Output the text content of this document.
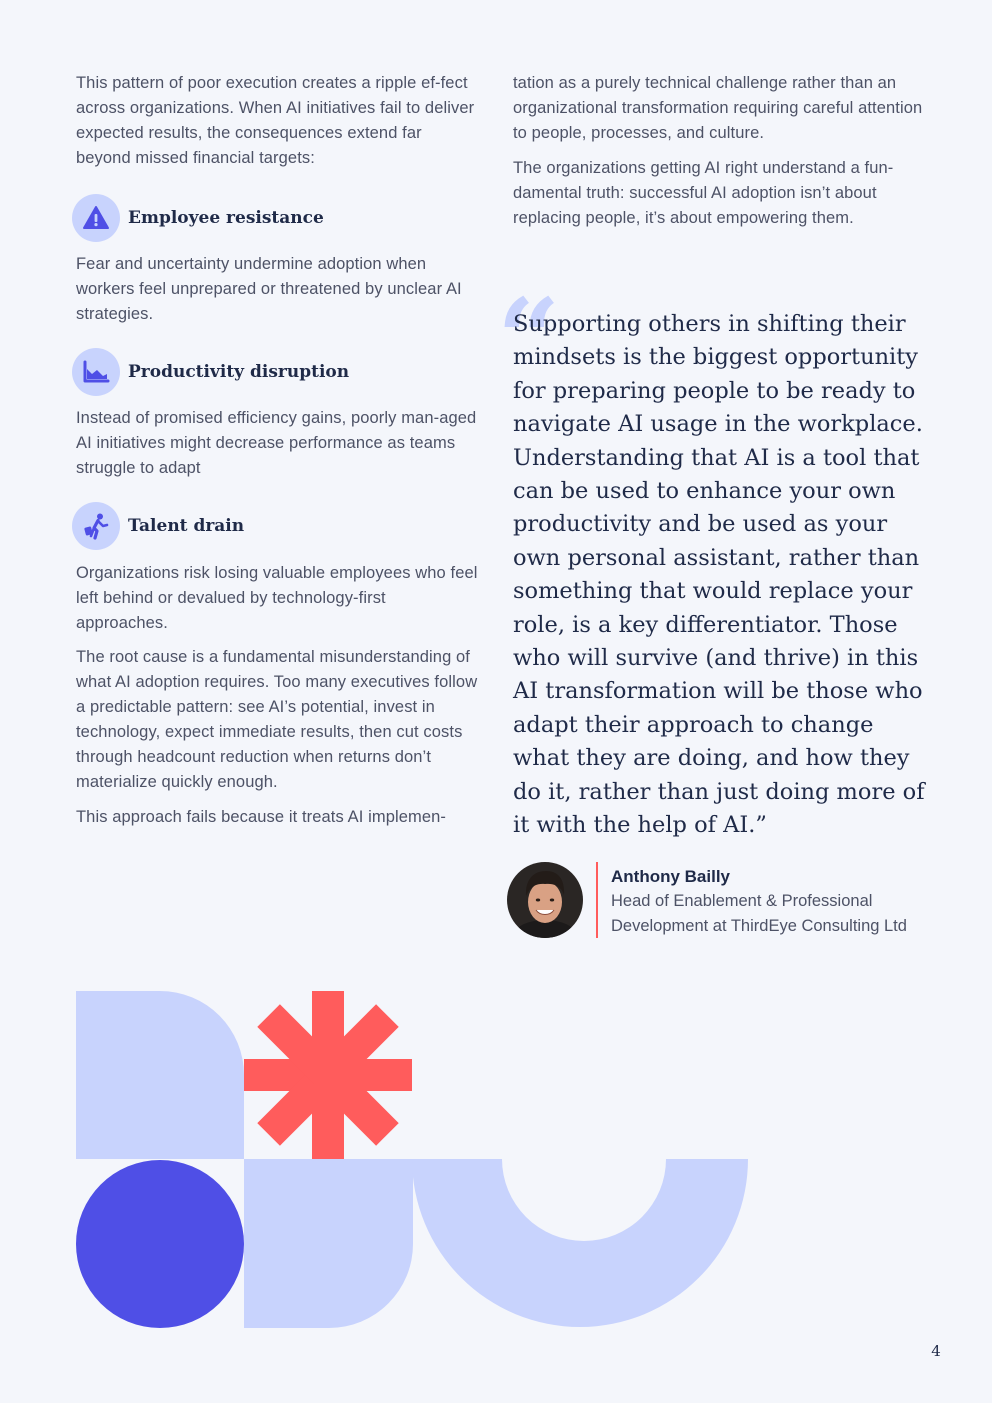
This pattern of poor execution creates a ripple ef-fect across organizations. When AI initiatives fail to deliver expected results, the consequences extend far beyond missed financial targets:

Employee resistance

Fear and uncertainty undermine adoption when workers feel unprepared or threatened by unclear AI strategies.

Productivity disruption

Instead of promised efficiency gains, poorly man-aged AI initiatives might decrease performance as teams struggle to adapt

Talent drain

Organizations risk losing valuable employees who feel left behind or devalued by technology-first approaches.

The root cause is a fundamental misunderstanding of what AI adoption requires. Too many executives follow a predictable pattern: see AI’s potential, invest in technology, expect immediate results, then cut costs through headcount reduction when returns don’t materialize quickly enough.

This approach fails because it treats AI implemen-

tation as a purely technical challenge rather than an organizational transformation requiring careful attention to people, processes, and culture.

The organizations getting AI right understand a fun-damental truth: successful AI adoption isn’t about replacing people, it’s about empowering them.

“

Supporting others in shifting their mindsets is the biggest opportunity for preparing people to be ready to navigate AI usage in the workplace. Understanding that AI is a tool that can be used to enhance your own productivity and be used as your own personal assistant, rather than something that would replace your role, is a key differentiator. Those who will survive (and thrive) in this AI transformation will be those who adapt their approach to change what they are doing, and how they do it, rather than just doing more of it with the help of AI.”

Anthony Bailly
Head of Enablement & Professional Development at ThirdEye Consulting Ltd
4
